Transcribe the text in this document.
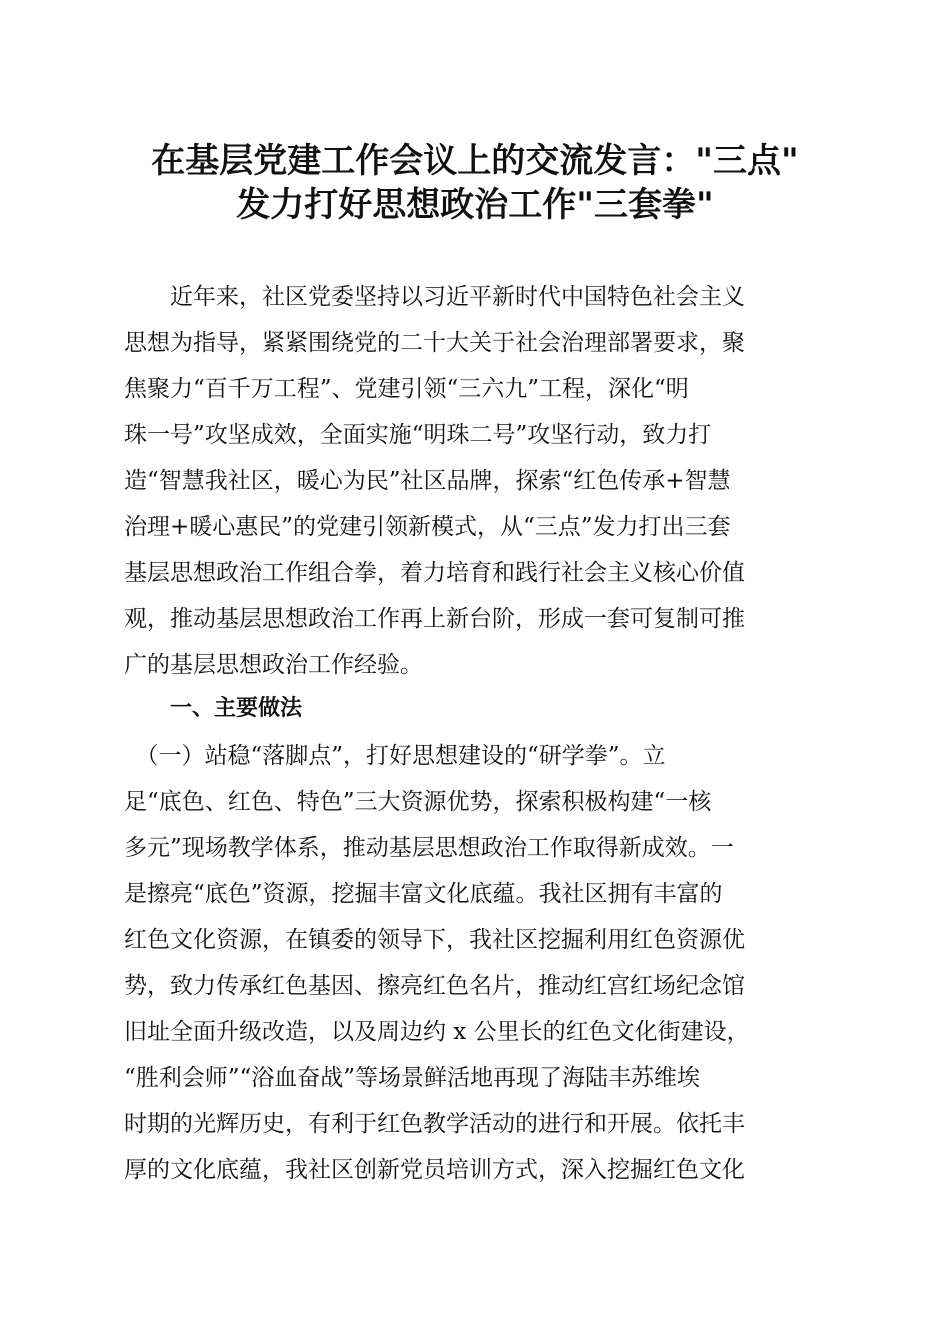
在基层党建工作会议上的交流发言："三点"
发力打好思想政治工作"三套拳"
　　近年来，社区党委坚持以习近平新时代中国特色社会主义
思想为指导，紧紧围绕党的二十大关于社会治理部署要求，聚
焦聚力“百千万工程”、党建引领“三六九”工程，深化“明
珠一号”攻坚成效，全面实施“明珠二号”攻坚行动，致力打
造“智慧我社区，暖心为民”社区品牌，探索“红色传承+智慧
治理+暖心惠民”的党建引领新模式，从“三点”发力打出三套
基层思想政治工作组合拳，着力培育和践行社会主义核心价值
观，推动基层思想政治工作再上新台阶，形成一套可复制可推
广的基层思想政治工作经验。
一、主要做法
　（一）站稳“落脚点”，打好思想建设的“研学拳”。立
足“底色、红色、特色”三大资源优势，探索积极构建“一核
多元”现场教学体系，推动基层思想政治工作取得新成效。一
是擦亮“底色”资源，挖掘丰富文化底蕴。我社区拥有丰富的
红色文化资源，在镇委的领导下，我社区挖掘利用红色资源优
势，致力传承红色基因、擦亮红色名片，推动红宫红场纪念馆
旧址全面升级改造，以及周边约 x 公里长的红色文化街建设，
“胜利会师”“浴血奋战”等场景鲜活地再现了海陆丰苏维埃
时期的光辉历史，有利于红色教学活动的进行和开展。依托丰
厚的文化底蕴，我社区创新党员培训方式，深入挖掘红色文化
